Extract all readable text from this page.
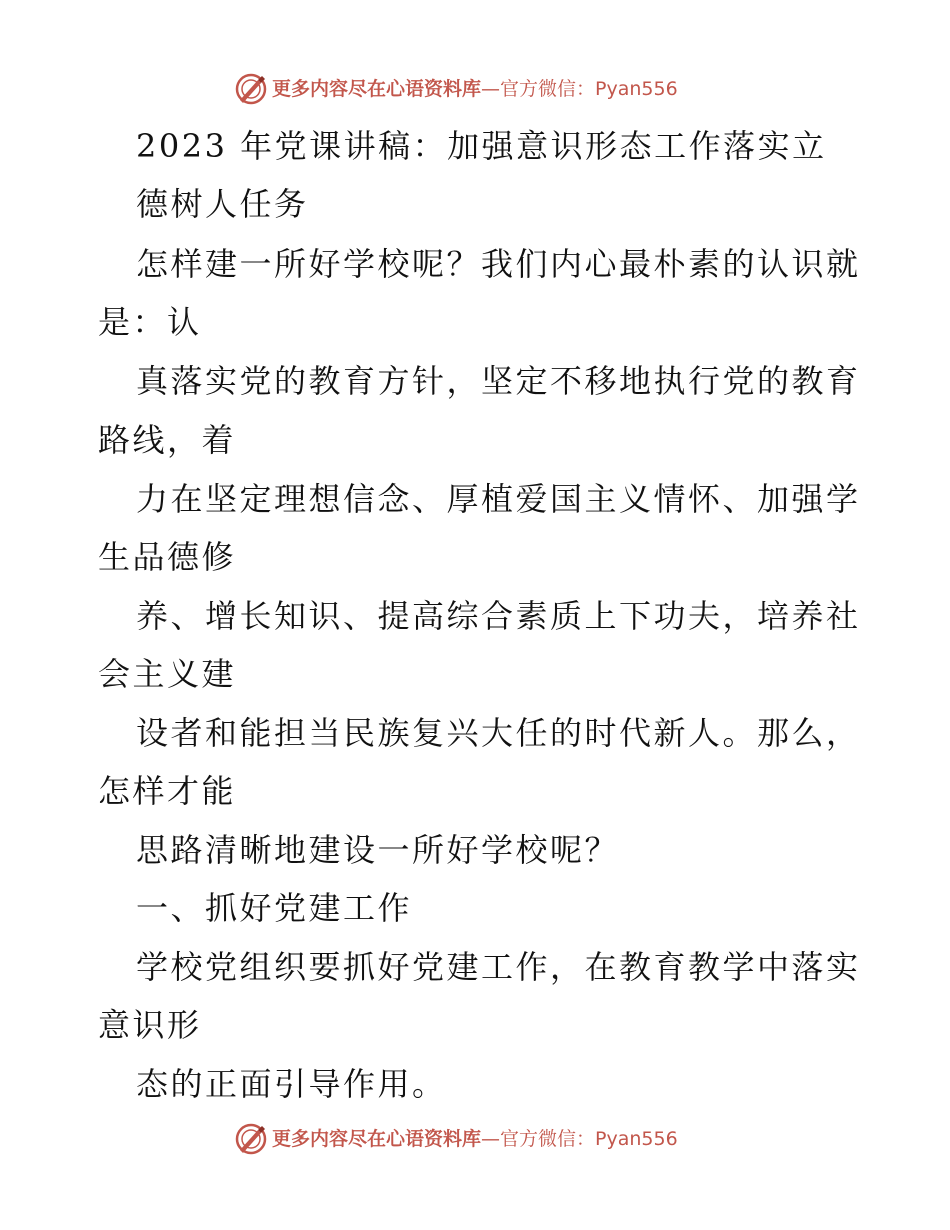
更多内容尽在心语资料库 — 官方微信：Pyan556
2023 年党课讲稿：加强意识形态工作落实立
德树人任务
怎样建一所好学校呢？我们内心最朴素的认识就
是：认
真落实党的教育方针，坚定不移地执行党的教育
路线，着
力在坚定理想信念、厚植爱国主义情怀、加强学
生品德修
养、增长知识、提高综合素质上下功夫，培养社
会主义建
设者和能担当民族复兴大任的时代新人。那么，
怎样才能
思路清晰地建设一所好学校呢？
一、抓好党建工作
学校党组织要抓好党建工作，在教育教学中落实
意识形
态的正面引导作用。
更多内容尽在心语资料库 — 官方微信：Pyan556
